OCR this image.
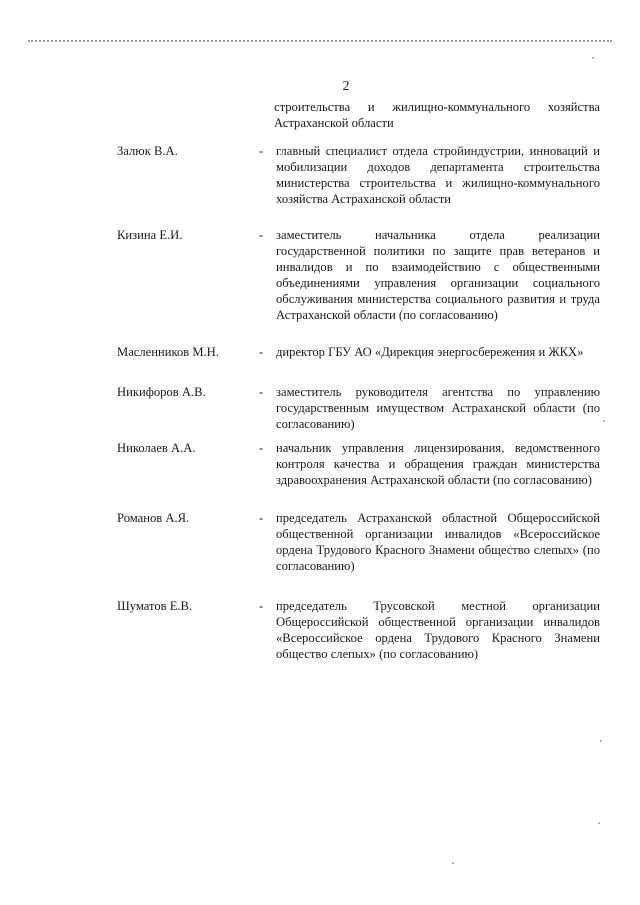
2
строительства и жилищно-коммунального хозяйства
Астраханской области
Залюк В.А.	- главный специалист отдела стройиндустрии, инноваций и мобилизации доходов департамента строительства министерства строительства и жилищно-коммунального хозяйства Астраханской области
Кизина Е.И.	- заместитель начальника отдела реализации государственной политики по защите прав ветеранов и инвалидов и по взаимодействию с общественными объединениями управления организации социального обслуживания министерства социального развития и труда Астраханской области (по согласованию)
Масленников М.Н.	- директор ГБУ АО «Дирекция энергосбережения и ЖКХ»
Никифоров А.В.	- заместитель руководителя агентства по управлению государственным имуществом Астраханской области (по согласованию)
Николаев А.А.	- начальник управления лицензирования, ведомственного контроля качества и обращения граждан министерства здравоохранения Астраханской области (по согласованию)
Романов А.Я.	- председатель Астраханской областной Общероссийской общественной организации инвалидов «Всероссийское ордена Трудового Красного Знамени общество слепых» (по согласованию)
Шуматов Е.В.	- председатель Трусовской местной организации Общероссийской общественной организации инвалидов «Всероссийское ордена Трудового Красного Знамени общество слепых» (по согласованию)
